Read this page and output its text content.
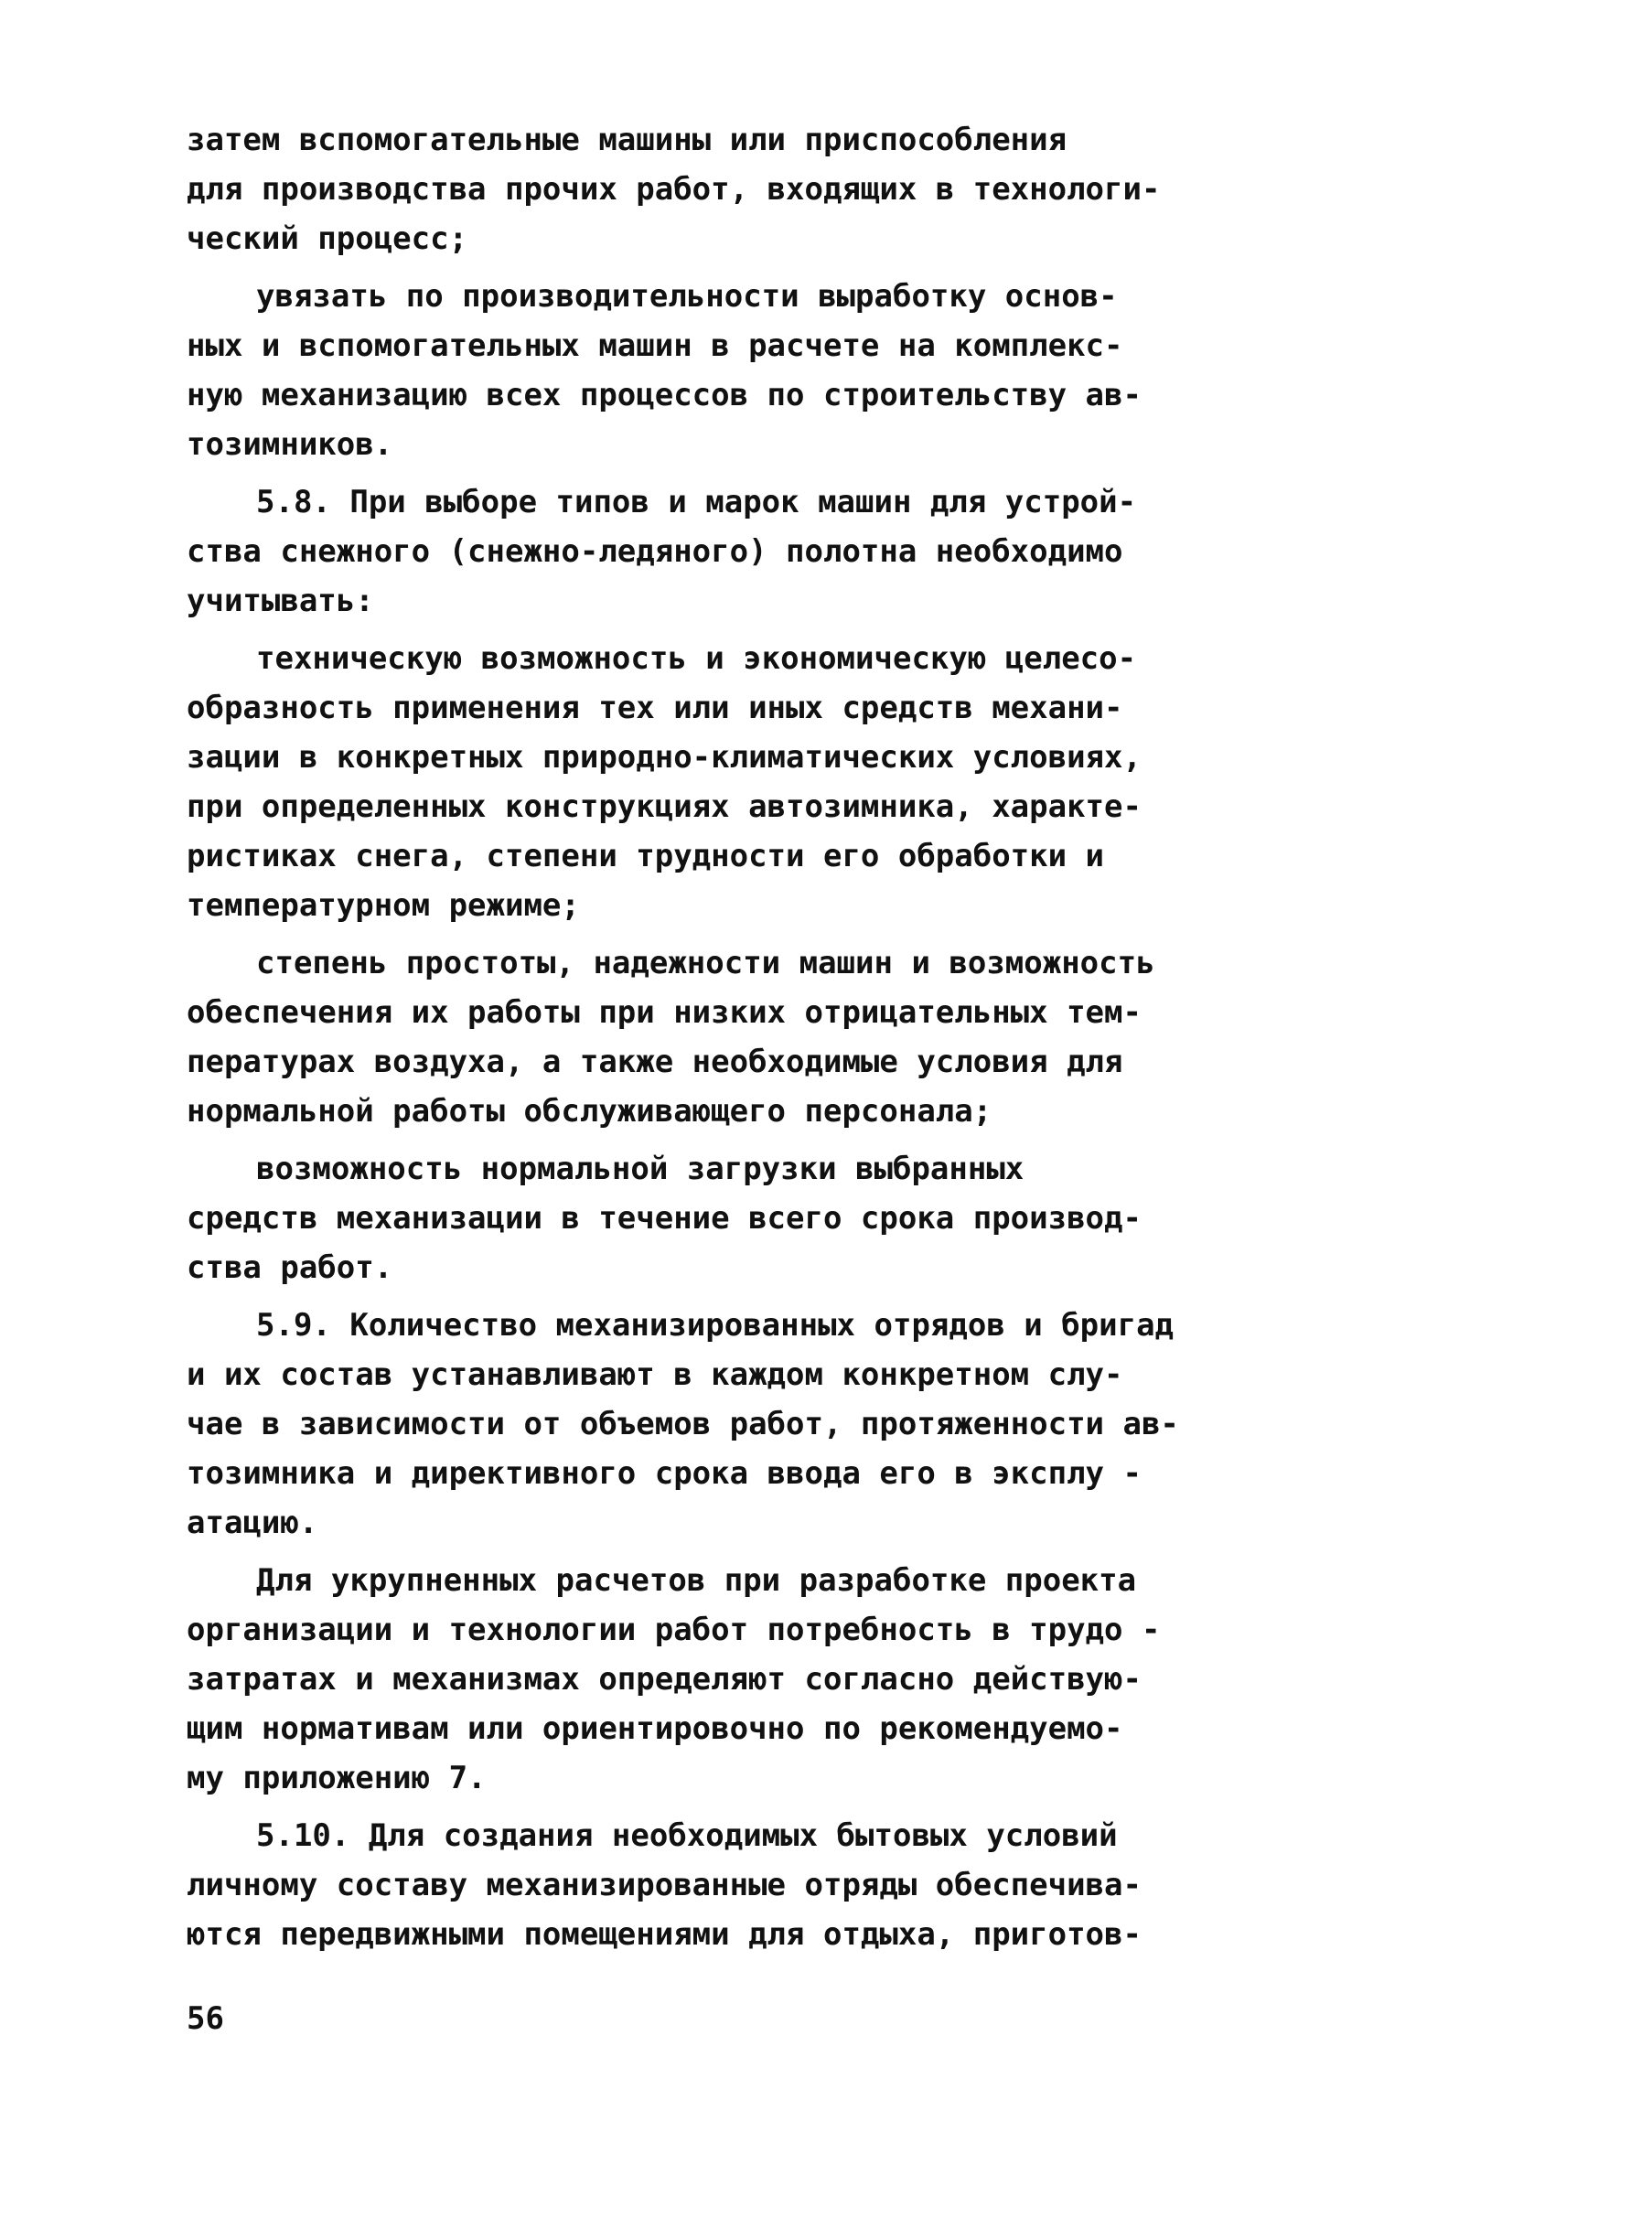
затем вспомогательные машины или приспособления
для производства прочих работ, входящих в технологи-
ческий процесс;
увязать по производительности выработку основ-
ных и вспомогательных машин в расчете на комплекс-
ную механизацию всех процессов по строительству ав-
тозимников.
5.8. При выборе типов и марок машин для устрой-
ства снежного (снежно-ледяного) полотна необходимо
учитывать:
техническую возможность и экономическую целесо-
образность применения тех или иных средств механи-
зации в конкретных природно-климатических условиях,
при определенных конструкциях автозимника, характе-
ристиках снега, степени трудности его обработки и
температурном режиме;
степень простоты, надежности машин и возможность
обеспечения их работы при низких отрицательных тем-
пературах воздуха, а также необходимые условия для
нормальной работы обслуживающего персонала;
возможность нормальной загрузки выбранных
средств механизации в течение всего срока производ-
ства работ.
5.9. Количество механизированных отрядов и бригад
и их состав устанавливают в каждом конкретном слу-
чае в зависимости от объемов работ, протяженности ав-
тозимника и директивного срока ввода его в эксплу -
атацию.
Для укрупненных расчетов при разработке проекта
организации и технологии работ потребность в трудо -
затратах и механизмах определяют согласно действую-
щим нормативам или ориентировочно по рекомендуемо-
му приложению 7.
5.10. Для создания необходимых бытовых условий
личному составу механизированные отряды обеспечива-
ются передвижными помещениями для отдыха, приготов-
56
